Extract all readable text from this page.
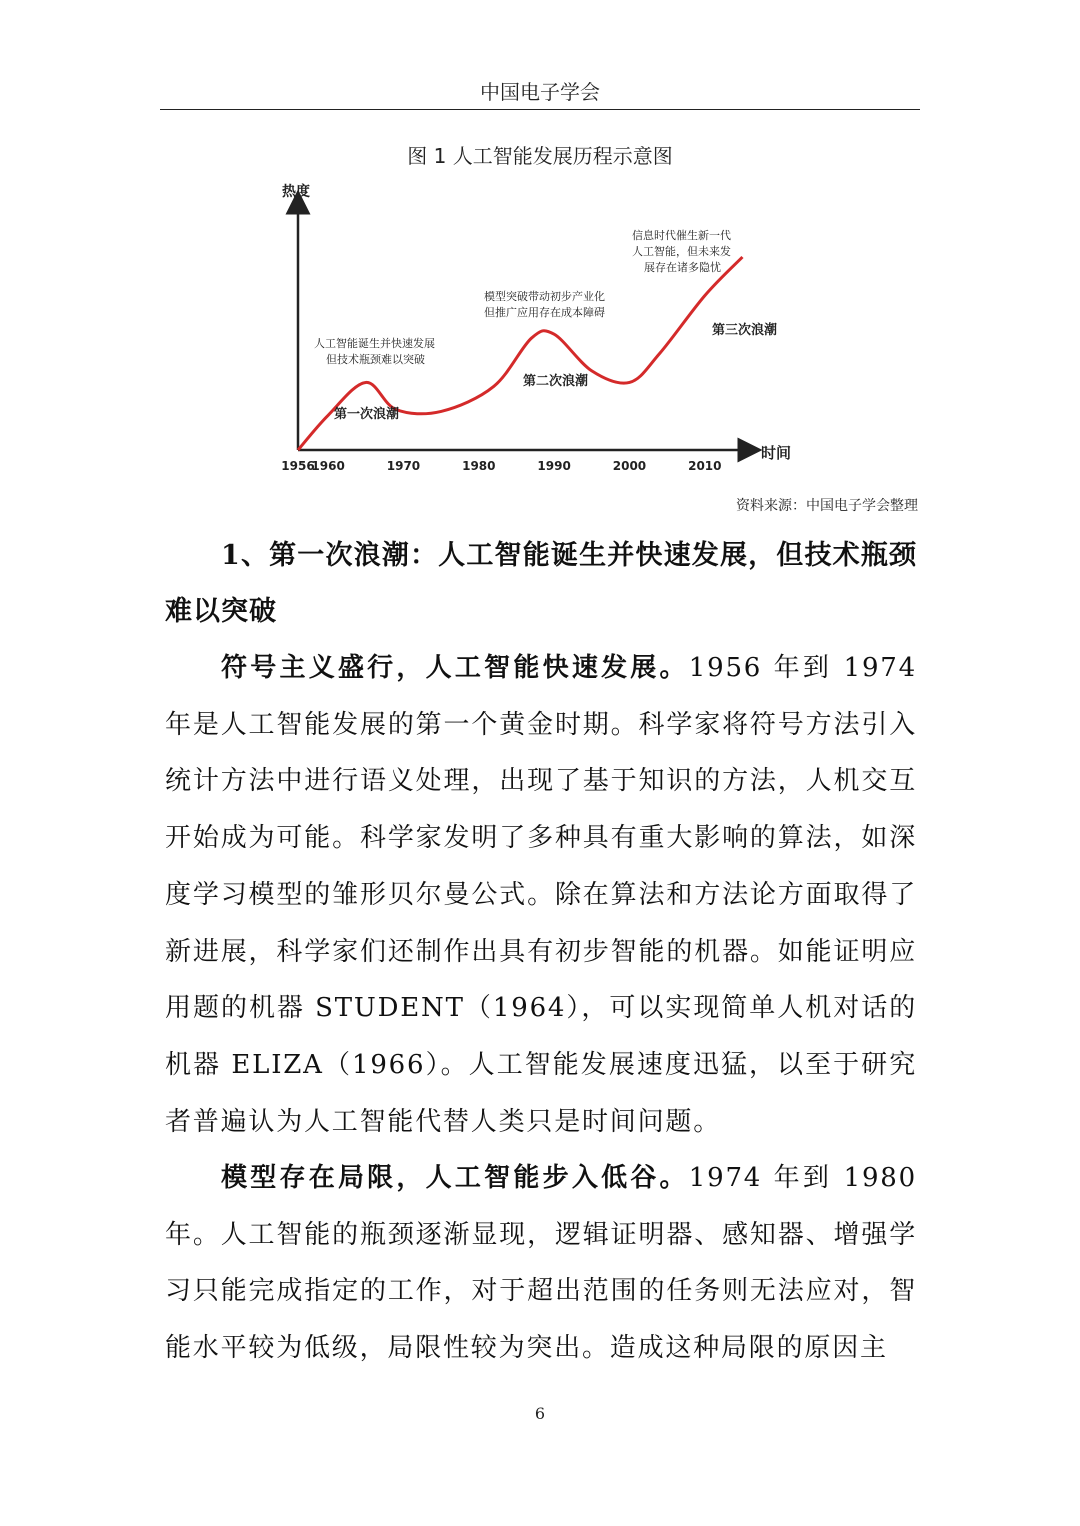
中国电子学会
图 1 人工智能发展历程示意图
热度
时间
1956
1960	1970	1980	1990	2000	2010
第一次浪潮
第二次浪潮
第三次浪潮
人工智能诞生并快速发展
但技术瓶颈难以突破
模型突破带动初步产业化
但推广应用存在成本障碍
信息时代催生新一代
人工智能，但未来发
展存在诸多隐忧
资料来源：中国电子学会整理
1、第一次浪潮：人工智能诞生并快速发展，但技术瓶颈难以突破
符号主义盛行，人工智能快速发展。1956 年到 1974 年是人工智能发展的第一个黄金时期。科学家将符号方法引入统计方法中进行语义处理，出现了基于知识的方法，人机交互开始成为可能。科学家发明了多种具有重大影响的算法，如深度学习模型的雏形贝尔曼公式。除在算法和方法论方面取得了新进展，科学家们还制作出具有初步智能的机器。如能证明应用题的机器 STUDENT（1964），可以实现简单人机对话的机器 ELIZA（1966）。人工智能发展速度迅猛，以至于研究者普遍认为人工智能代替人类只是时间问题。
模型存在局限，人工智能步入低谷。1974 年到 1980 年。人工智能的瓶颈逐渐显现，逻辑证明器、感知器、增强学习只能完成指定的工作，对于超出范围的任务则无法应对，智能水平较为低级，局限性较为突出。造成这种局限的原因主
6
